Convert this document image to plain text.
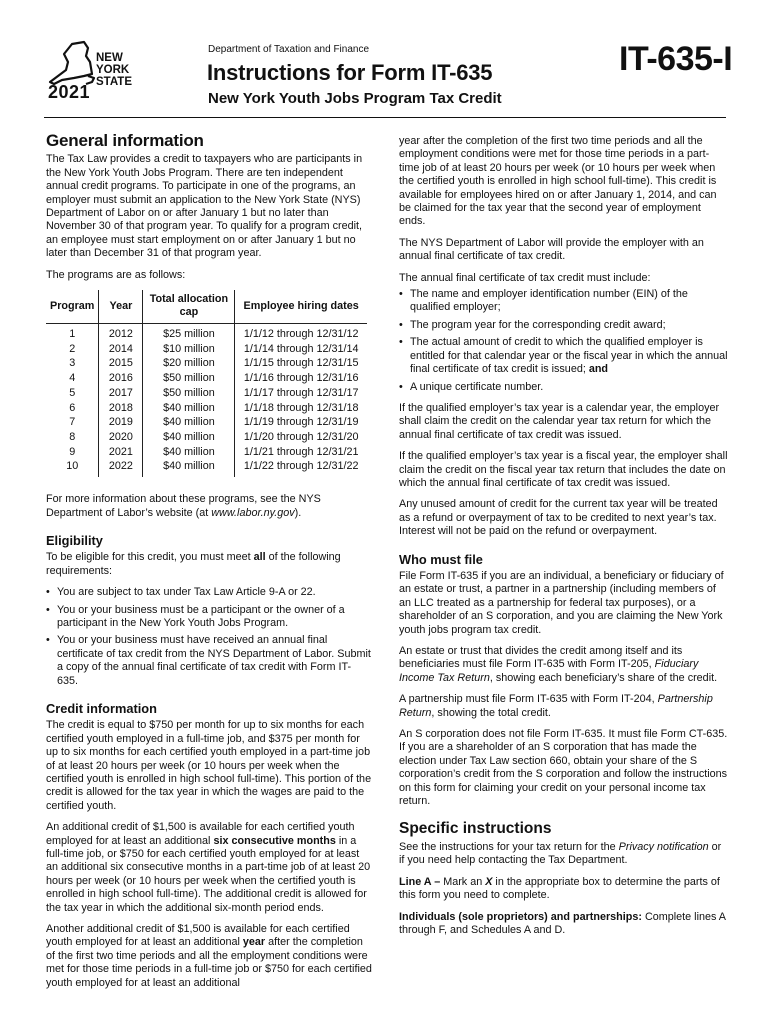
NEW YORK STATE
2021
Department of Taxation and Finance
Instructions for Form IT-635	IT-635-I
New York Youth Jobs Program Tax Credit
General information

The Tax Law provides a credit to taxpayers who are participants in the New York Youth Jobs Program. There are ten independent annual credit programs. To participate in one of the programs, an employer must submit an application to the New York State (NYS) Department of Labor on or after January 1 but no later than November 30 of that program year. To qualify for a program credit, an employee must start employment on or after January 1 but no later than December 31 of that program year.

The programs are as follows:

Program	Year	Total allocation cap	Employee hiring dates
1	2012	$25 million	1/1/12 through 12/31/12
2	2014	$10 million	1/1/14 through 12/31/14
3	2015	$20 million	1/1/15 through 12/31/15
4	2016	$50 million	1/1/16 through 12/31/16
5	2017	$50 million	1/1/17 through 12/31/17
6	2018	$40 million	1/1/18 through 12/31/18
7	2019	$40 million	1/1/19 through 12/31/19
8	2020	$40 million	1/1/20 through 12/31/20
9	2021	$40 million	1/1/21 through 12/31/21
10	2022	$40 million	1/1/22 through 12/31/22

For more information about these programs, see the NYS Department of Labor’s website (at www.labor.ny.gov).

Eligibility

To be eligible for this credit, you must meet all of the following requirements:

• You are subject to tax under Tax Law Article 9-A or 22.
• You or your business must be a participant or the owner of a participant in the New York Youth Jobs Program.
• You or your business must have received an annual final certificate of tax credit from the NYS Department of Labor. Submit a copy of the annual final certificate of tax credit with Form IT-635.
Credit information

The credit is equal to $750 per month for up to six months for each certified youth employed in a full-time job, and $375 per month for up to six months for each certified youth employed in a part-time job of at least 20 hours per week (or 10 hours per week when the certified youth is enrolled in high school full-time). This portion of the credit is allowed for the tax year in which the wages are paid to the certified youth.

An additional credit of $1,500 is available for each certified youth employed for at least an additional six consecutive months in a full-time job, or $750 for each certified youth employed for at least an additional six consecutive months in a part-time job of at least 20 hours per week (or 10 hours per week when the certified youth is enrolled in high school full-time). The additional credit is allowed for the tax year in which the additional six-month period ends.

Another additional credit of $1,500 is available for each certified youth employed for at least an additional year after the completion of the first two time periods and all the employment conditions were met for those time periods in a full-time job or $750 for each certified youth employed for at least an additional

year after the completion of the first two time periods and all the employment conditions were met for those time periods in a part-time job of at least 20 hours per week (or 10 hours per week when the certified youth is enrolled in high school full-time). This credit is available for employees hired on or after January 1, 2014, and can be claimed for the tax year that the second year of employment ends.

The NYS Department of Labor will provide the employer with an annual final certificate of tax credit.

The annual final certificate of tax credit must include:

• The name and employer identification number (EIN) of the qualified employer;
• The program year for the corresponding credit award;
• The actual amount of credit to which the qualified employer is entitled for that calendar year or the fiscal year in which the annual final certificate of tax credit is issued; and
• A unique certificate number.

If the qualified employer’s tax year is a calendar year, the employer shall claim the credit on the calendar year tax return for which the annual final certificate of tax credit was issued.

If the qualified employer’s tax year is a fiscal year, the employer shall claim the credit on the fiscal year tax return that includes the date on which the annual final certificate of tax credit was issued.

Any unused amount of credit for the current tax year will be treated as a refund or overpayment of tax to be credited to next year’s tax. Interest will not be paid on the refund or overpayment.

Who must file

File Form IT-635 if you are an individual, a beneficiary or fiduciary of an estate or trust, a partner in a partnership (including members of an LLC treated as a partnership for federal tax purposes), or a shareholder of an S corporation, and you are claiming the New York youth jobs program tax credit.

An estate or trust that divides the credit among itself and its beneficiaries must file Form IT-635 with Form IT-205, Fiduciary Income Tax Return, showing each beneficiary’s share of the credit.

A partnership must file Form IT-635 with Form IT-204, Partnership Return, showing the total credit.

An S corporation does not file Form IT-635. It must file Form CT-635. If you are a shareholder of an S corporation that has made the election under Tax Law section 660, obtain your share of the S corporation’s credit from the S corporation and follow the instructions on this form for claiming your credit on your personal income tax return.

Specific instructions

See the instructions for your tax return for the Privacy notification or if you need help contacting the Tax Department.

Line A – Mark an X in the appropriate box to determine the parts of this form you need to complete.

Individuals (sole proprietors) and partnerships: Complete lines A through F, and Schedules A and D.
